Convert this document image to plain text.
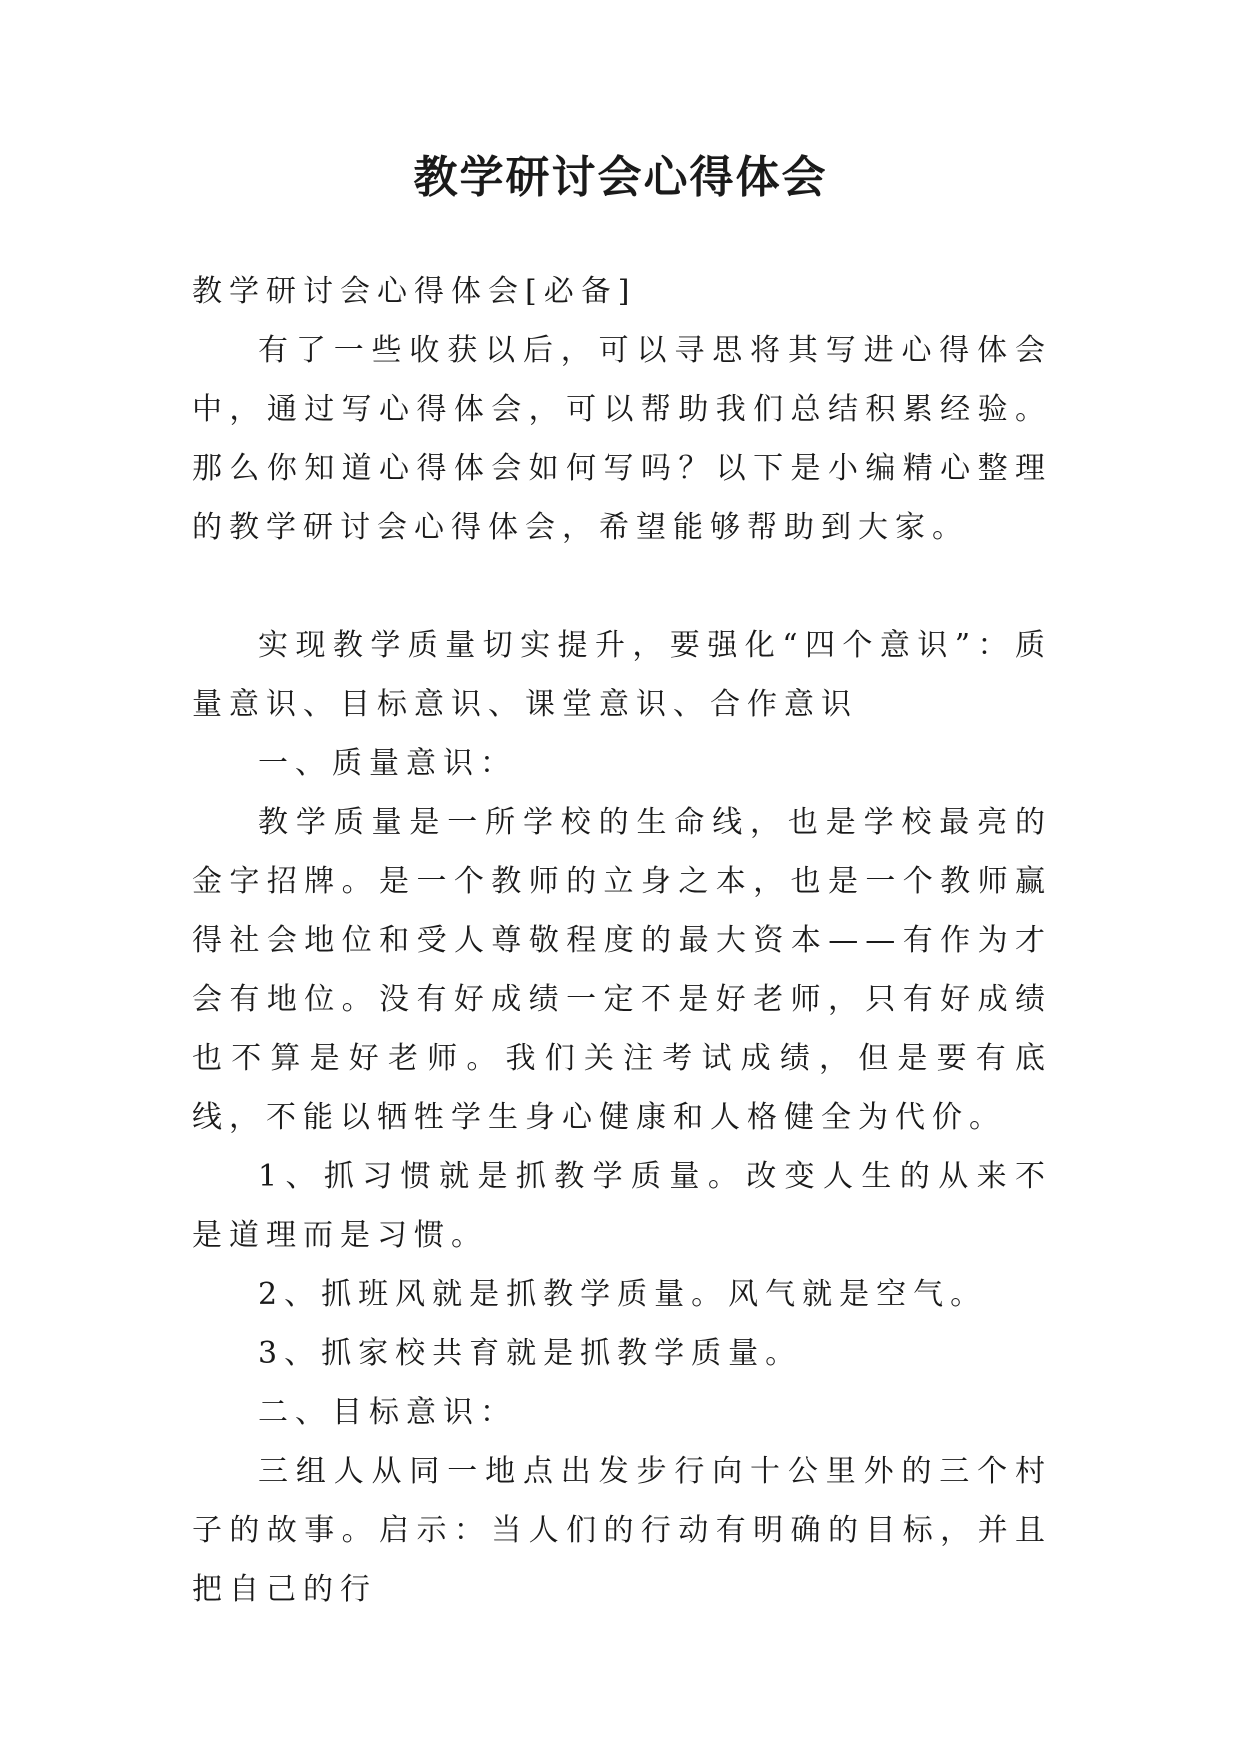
教学研讨会心得体会

教学研讨会心得体会[必备]

有了一些收获以后，可以寻思将其写进心得体会中，通过写心得体会，可以帮助我们总结积累经验。那么你知道心得体会如何写吗？以下是小编精心整理的教学研讨会心得体会，希望能够帮助到大家。

实现教学质量切实提升，要强化“四个意识”：质量意识、目标意识、课堂意识、合作意识

一、质量意识：

教学质量是一所学校的生命线，也是学校最亮的金字招牌。是一个教师的立身之本，也是一个教师赢得社会地位和受人尊敬程度的最大资本——有作为才会有地位。没有好成绩一定不是好老师，只有好成绩也不算是好老师。我们关注考试成绩，但是要有底线，不能以牺牲学生身心健康和人格健全为代价。

1、抓习惯就是抓教学质量。改变人生的从来不是道理而是习惯。

2、抓班风就是抓教学质量。风气就是空气。

3、抓家校共育就是抓教学质量。

二、目标意识：

三组人从同一地点出发步行向十公里外的三个村子的故事。启示：当人们的行动有明确的目标，并且把自己的行
